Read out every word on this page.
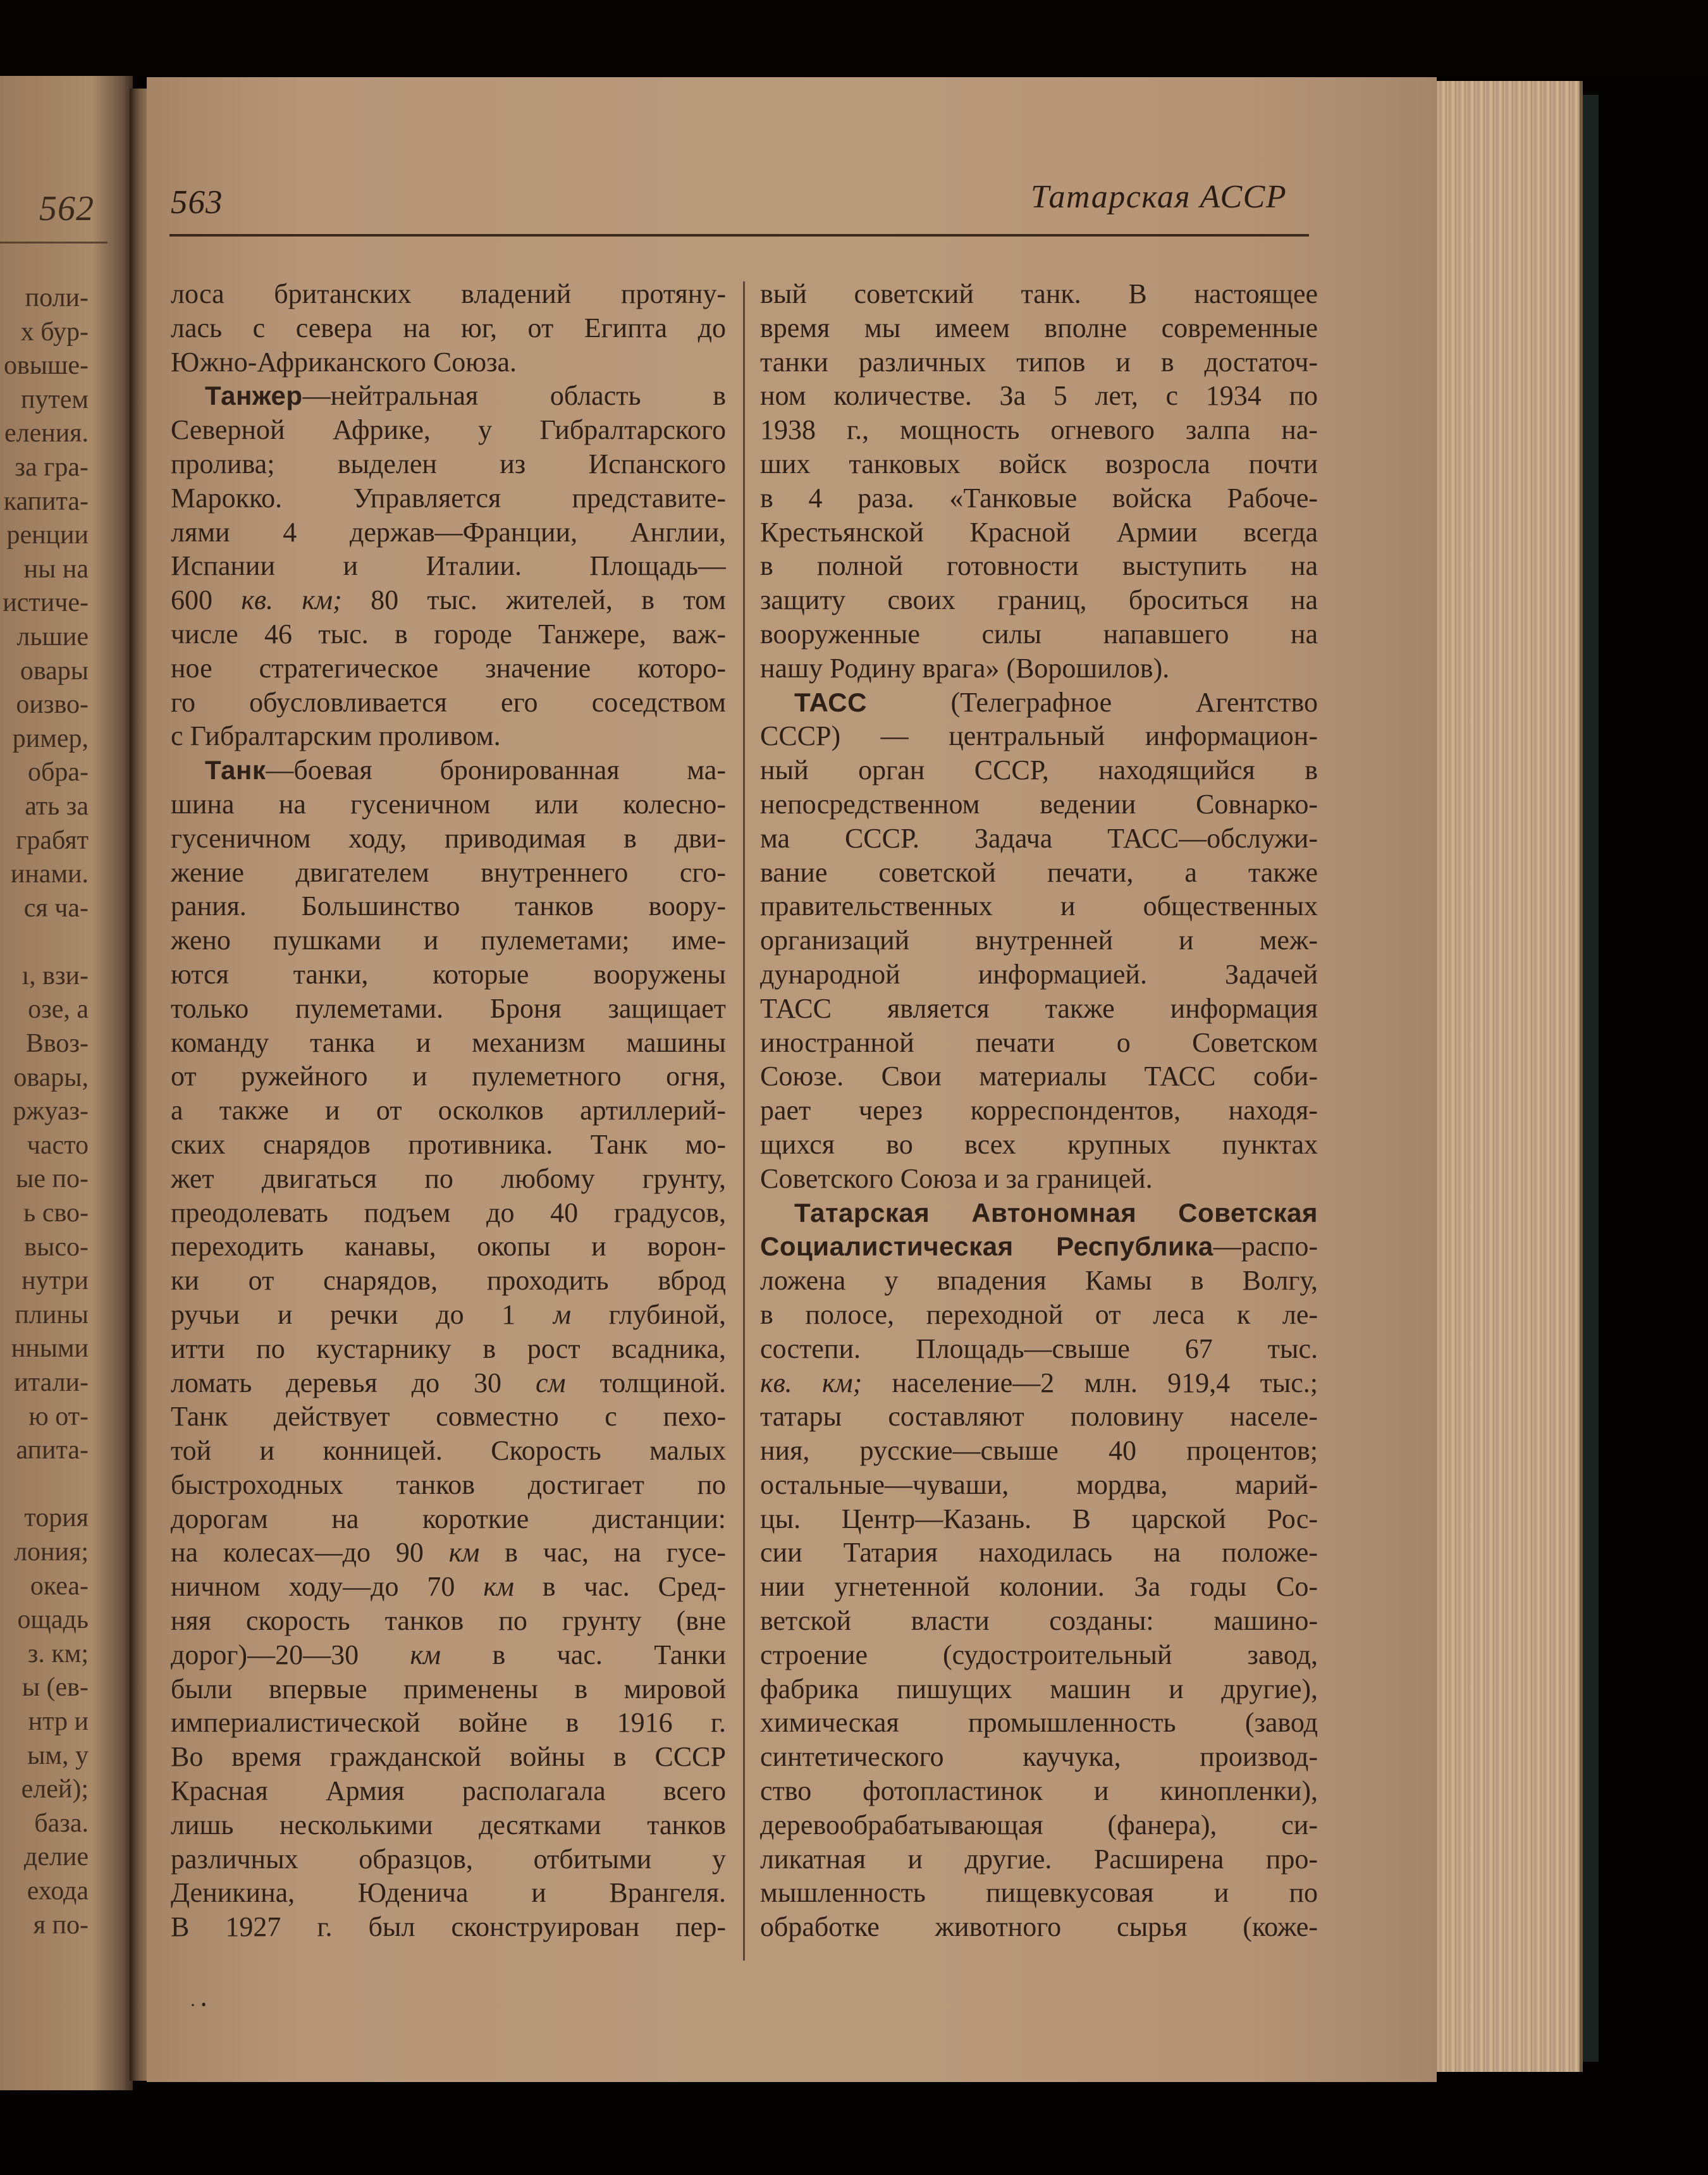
562
поли-
х бур-
овыше-
путем
еления.
за гра-
капита-
ренции
ны на
истиче-
льшие
овары
оизво-
ример,
обра-
ать за
грабят
инами.
ся ча-
ı, взи-
озе, а
Ввоз-
овары,
ржуаз-
часто
ые по-
ь сво-
высо-
нутри
плины
нными
итали-
ю от-
апита-
тория
лония;
океа-
ощадь
з. км;
ы (ев-
нтр и
ым, у
елей);
база.
делие
ехода
я по-
563	Татарская АССР
лоса британских владений протяну-
лась с севера на юг, от Египта до
Южно-Африканского Союза.
Танжер—нейтральная область в
Северной Африке, у Гибралтарского
пролива; выделен из Испанского
Марокко. Управляется представите-
лями 4 держав—Франции, Англии,
Испании и Италии. Площадь—
600 кв. км; 80 тыс. жителей, в том
числе 46 тыс. в городе Танжере, важ-
ное стратегическое значение которо-
го обусловливается его соседством
с Гибралтарским проливом.
Танк—боевая бронированная ма-
шина на гусеничном или колесно-
гусеничном ходу, приводимая в дви-
жение двигателем внутреннего сго-
рания. Большинство танков воору-
жено пушками и пулеметами; име-
ются танки, которые вооружены
только пулеметами. Броня защищает
команду танка и механизм машины
от ружейного и пулеметного огня,
а также и от осколков артиллерий-
ских снарядов противника. Танк мо-
жет двигаться по любому грунту,
преодолевать подъем до 40 градусов,
переходить канавы, окопы и ворон-
ки от снарядов, проходить вброд
ручьи и речки до 1 м глубиной,
итти по кустарнику в рост всадника,
ломать деревья до 30 см толщиной.
Танк действует совместно с пехо-
той и конницей. Скорость малых
быстроходных танков достигает по
дорогам на короткие дистанции:
на колесах—до 90 км в час, на гусе-
ничном ходу—до 70 км в час. Сред-
няя скорость танков по грунту (вне
дорог)—20—30 км в час. Танки
были впервые применены в мировой
империалистической войне в 1916 г.
Во время гражданской войны в СССР
Красная Армия располагала всего
лишь несколькими десятками танков
различных образцов, отбитыми у
Деникина, Юденича и Врангеля.
В 1927 г. был сконструирован пер-
вый советский танк. В настоящее
время мы имеем вполне современные
танки различных типов и в достаточ-
ном количестве. За 5 лет, с 1934 по
1938 г., мощность огневого залпа на-
ших танковых войск возросла почти
в 4 раза. «Танковые войска Рабоче-
Крестьянской Красной Армии всегда
в полной готовности выступить на
защиту своих границ, броситься на
вооруженные силы напавшего на
нашу Родину врага» (Ворошилов).
ТАСС (Телеграфное Агентство
СССР) — центральный информацион-
ный орган СССР, находящийся в
непосредственном ведении Совнарко-
ма СССР. Задача ТАСС—обслужи-
вание советской печати, а также
правительственных и общественных
организаций внутренней и меж-
дународной информацией. Задачей
ТАСС является также информация
иностранной печати о Советском
Союзе. Свои материалы ТАСС соби-
рает через корреспондентов, находя-
щихся во всех крупных пунктах
Советского Союза и за границей.
Татарская Автономная Советская
Социалистическая Республика—распо-
ложена у впадения Камы в Волгу,
в полосе, переходной от леса к ле-
состепи. Площадь—свыше 67 тыс.
кв. км; население—2 млн. 919,4 тыс.;
татары составляют половину населе-
ния, русские—свыше 40 процентов;
остальные—чуваши, мордва, марий-
цы. Центр—Казань. В царской Рос-
сии Татария находилась на положе-
нии угнетенной колонии. За годы Со-
ветской власти созданы: машино-
строение (судостроительный завод,
фабрика пишущих машин и другие),
химическая промышленность (завод
синтетического каучука, производ-
ство фотопластинок и кинопленки),
деревообрабатывающая (фанера), си-
ликатная и другие. Расширена про-
мышленность пищевкусовая и по
обработке животного сырья (коже-
· ꞏ
